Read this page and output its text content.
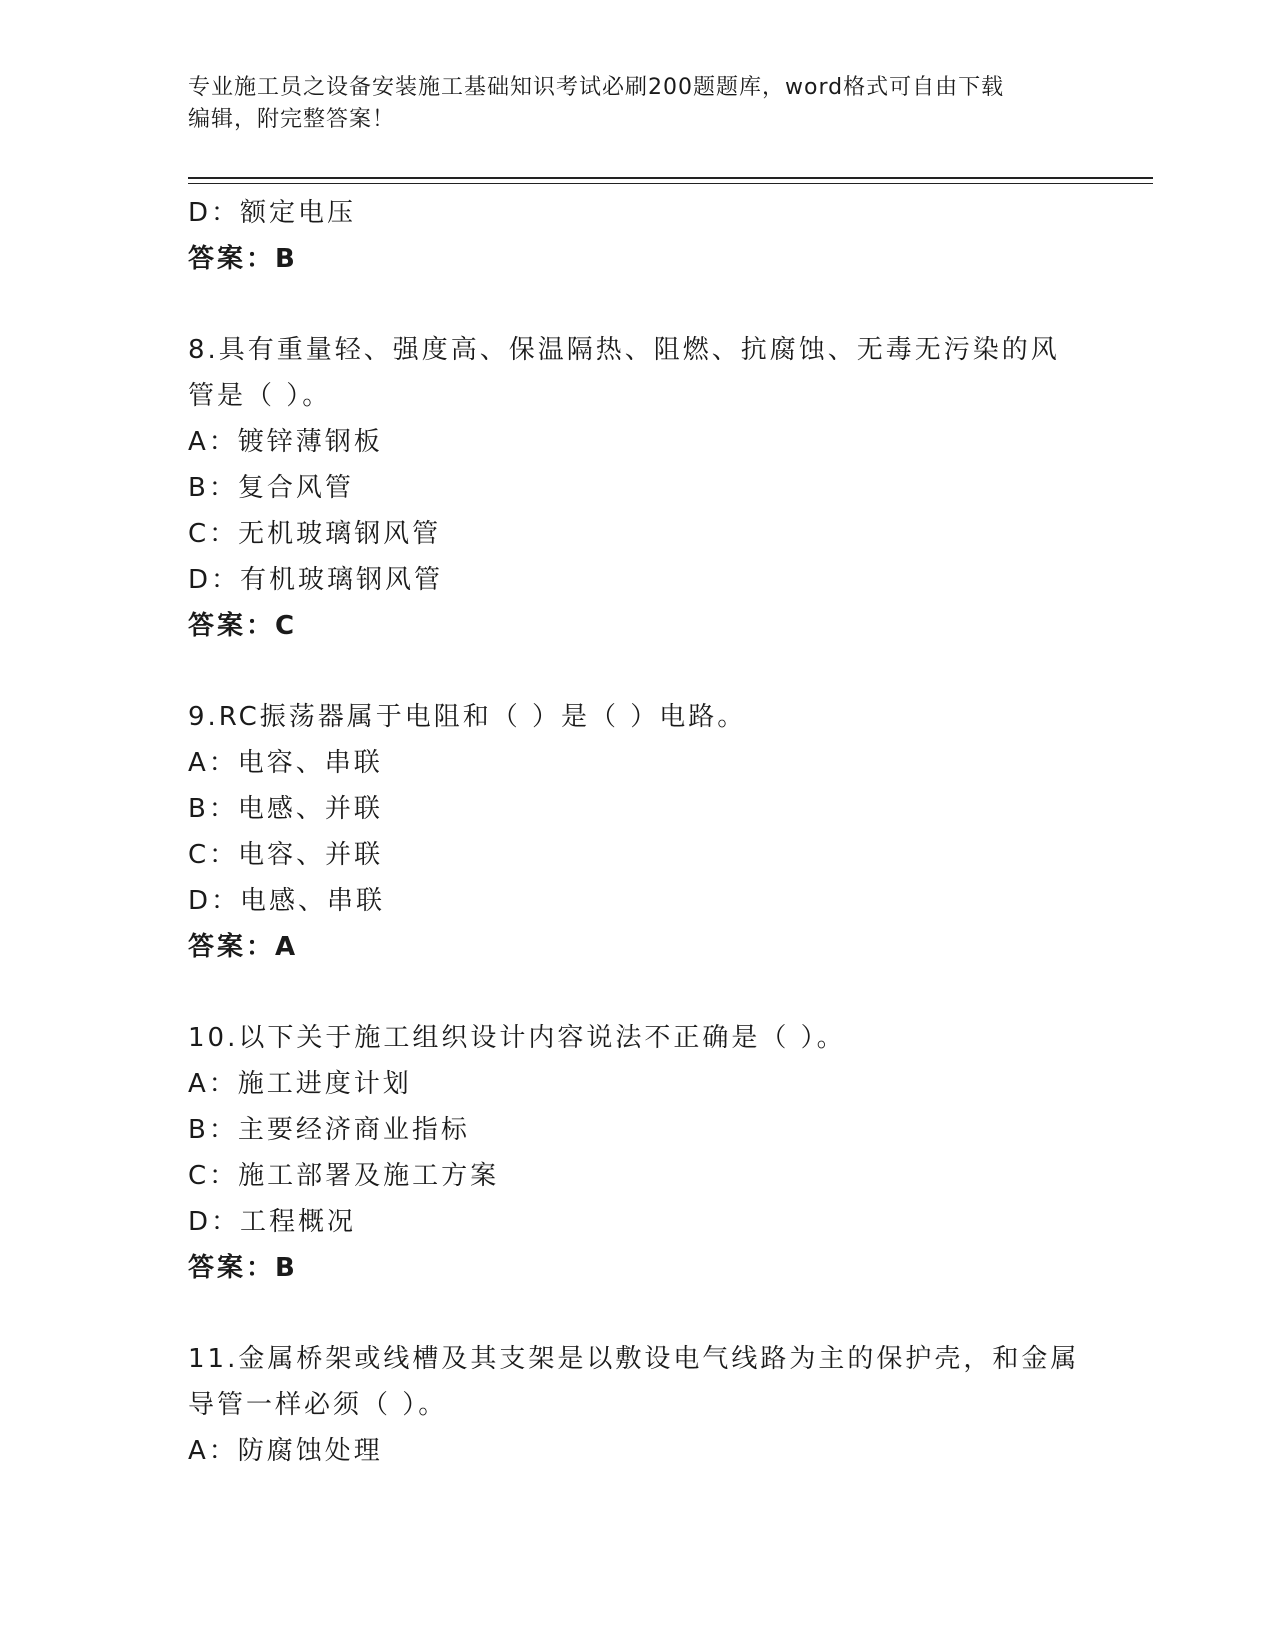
专业施工员之设备安装施工基础知识考试必刷200题题库，word格式可自由下载
编辑，附完整答案！
D：额定电压
答案：B
8.具有重量轻、强度高、保温隔热、阻燃、抗腐蚀、无毒无污染的风
管是（ ）。
A：镀锌薄钢板
B：复合风管
C：无机玻璃钢风管
D：有机玻璃钢风管
答案：C
9.RC振荡器属于电阻和（ ）是（ ）电路。
A：电容、串联
B：电感、并联
C：电容、并联
D：电感、串联
答案：A
10.以下关于施工组织设计内容说法不正确是（ ）。
A：施工进度计划
B：主要经济商业指标
C：施工部署及施工方案
D：工程概况
答案：B
11.金属桥架或线槽及其支架是以敷设电气线路为主的保护壳，和金属
导管一样必须（ ）。
A：防腐蚀处理
